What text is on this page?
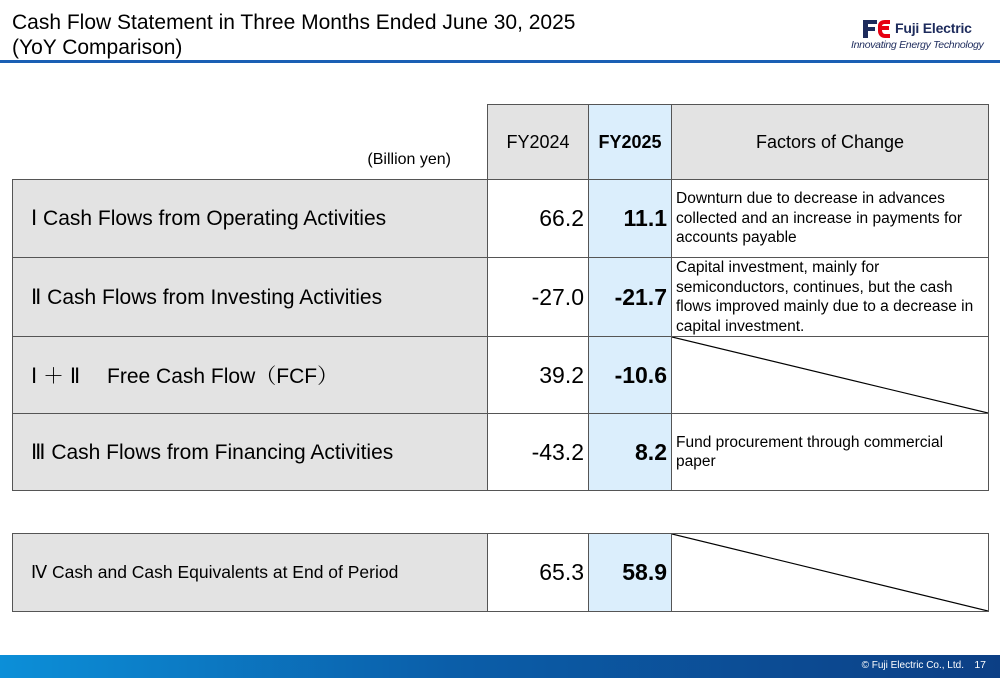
Cash Flow Statement in Three Months Ended June 30, 2025
(YoY Comparison)
Fuji Electric
Innovating Energy Technology
(Billion yen)	FY2024	FY2025	Factors of Change
Ⅰ Cash Flows from Operating Activities	66.2	11.1	Downturn due to decrease in advances collected and an increase in payments for accounts payable
Ⅱ Cash Flows from Investing Activities	-27.0	-21.7	Capital investment, mainly for semiconductors, continues, but the cash flows improved mainly due to a decrease in capital investment.
Ⅰ ＋ Ⅱ　 Free Cash Flow（FCF）	39.2	-10.6	

Ⅲ Cash Flows from Financing Activities	-43.2	8.2	Fund procurement through commercial paper
Ⅳ Cash and Cash Equivalents at End of Period	65.3	58.9	
© Fuji Electric Co., Ltd. 17
